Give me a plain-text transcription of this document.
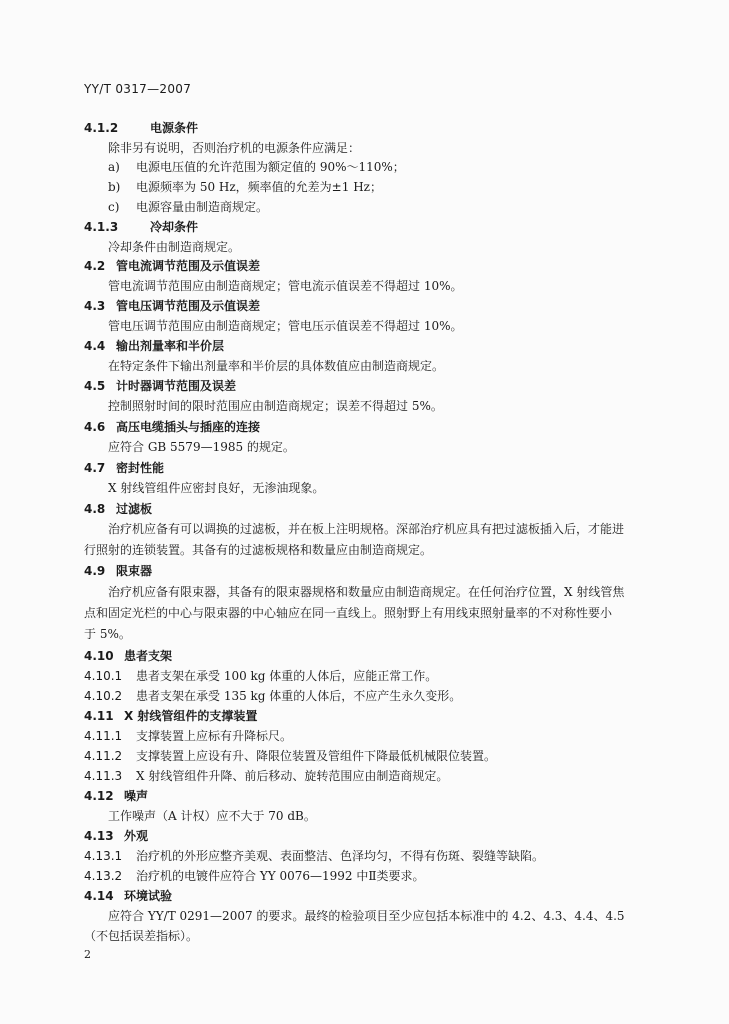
YY/T 0317—2007
4.1.2	电源条件
除非另有说明，否则治疗机的电源条件应满足：
a) 电源电压值的允许范围为额定值的 90%～110%；
b) 电源频率为 50 Hz，频率值的允差为±1 Hz；
c) 电源容量由制造商规定。
4.1.3	冷却条件
冷却条件由制造商规定。
4.2 管电流调节范围及示值误差
管电流调节范围应由制造商规定；管电流示值误差不得超过 10%。
4.3 管电压调节范围及示值误差
管电压调节范围应由制造商规定；管电压示值误差不得超过 10%。
4.4 输出剂量率和半价层
在特定条件下输出剂量率和半价层的具体数值应由制造商规定。
4.5 计时器调节范围及误差
控制照射时间的限时范围应由制造商规定；误差不得超过 5%。
4.6 高压电缆插头与插座的连接
应符合 GB 5579—1985 的规定。
4.7 密封性能
X 射线管组件应密封良好，无渗油现象。
4.8 过滤板
治疗机应备有可以调换的过滤板，并在板上注明规格。深部治疗机应具有把过滤板插入后，才能进
行照射的连锁装置。其备有的过滤板规格和数量应由制造商规定。
4.9 限束器
治疗机应备有限束器，其备有的限束器规格和数量应由制造商规定。在任何治疗位置，X 射线管焦
点和固定光栏的中心与限束器的中心轴应在同一直线上。照射野上有用线束照射量率的不对称性要小
于 5%。
4.10 患者支架
4.10.1 患者支架在承受 100 kg 体重的人体后，应能正常工作。
4.10.2 患者支架在承受 135 kg 体重的人体后，不应产生永久变形。
4.11 X 射线管组件的支撑装置
4.11.1 支撑装置上应标有升降标尺。
4.11.2 支撑装置上应设有升、降限位装置及管组件下降最低机械限位装置。
4.11.3 X 射线管组件升降、前后移动、旋转范围应由制造商规定。
4.12 噪声
工作噪声（A 计权）应不大于 70 dB。
4.13 外观
4.13.1 治疗机的外形应整齐美观、表面整洁、色泽均匀，不得有伤斑、裂缝等缺陷。
4.13.2 治疗机的电镀件应符合 YY 0076—1992 中Ⅱ类要求。
4.14 环境试验
应符合 YY/T 0291—2007 的要求。最终的检验项目至少应包括本标准中的 4.2、4.3、4.4、4.5
（不包括误差指标）。
2
